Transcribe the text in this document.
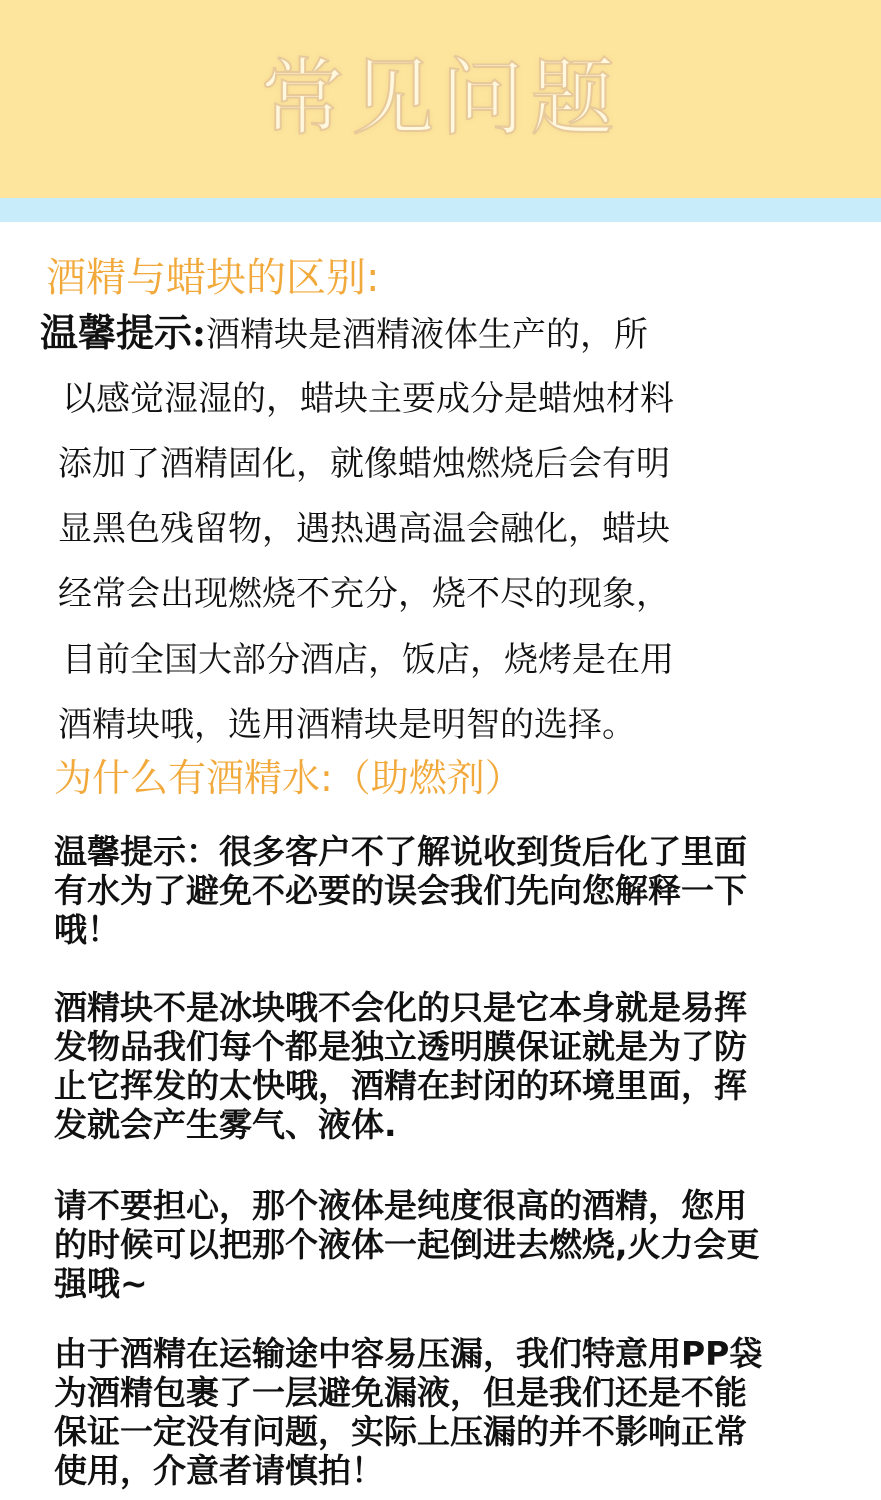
常见问题
酒精与蜡块的区别:
温馨提示:酒精块是酒精液体生产的，所
以感觉湿湿的，蜡块主要成分是蜡烛材料
添加了酒精固化，就像蜡烛燃烧后会有明
显黑色残留物，遇热遇高温会融化，蜡块
经常会出现燃烧不充分，烧不尽的现象，
目前全国大部分酒店，饭店，烧烤是在用
酒精块哦，选用酒精块是明智的选择。
为什么有酒精水:（助燃剂）
温馨提示：很多客户不了解说收到货后化了里面
有水为了避免不必要的误会我们先向您解释一下
哦！
酒精块不是冰块哦不会化的只是它本身就是易挥
发物品我们每个都是独立透明膜保证就是为了防
止它挥发的太快哦，酒精在封闭的环境里面，挥
发就会产生雾气、液体.
请不要担心，那个液体是纯度很高的酒精，您用
的时候可以把那个液体一起倒进去燃烧,火力会更
强哦~
由于酒精在运输途中容易压漏，我们特意用PP袋
为酒精包裹了一层避免漏液，但是我们还是不能
保证一定没有问题，实际上压漏的并不影响正常
使用，介意者请慎拍！
